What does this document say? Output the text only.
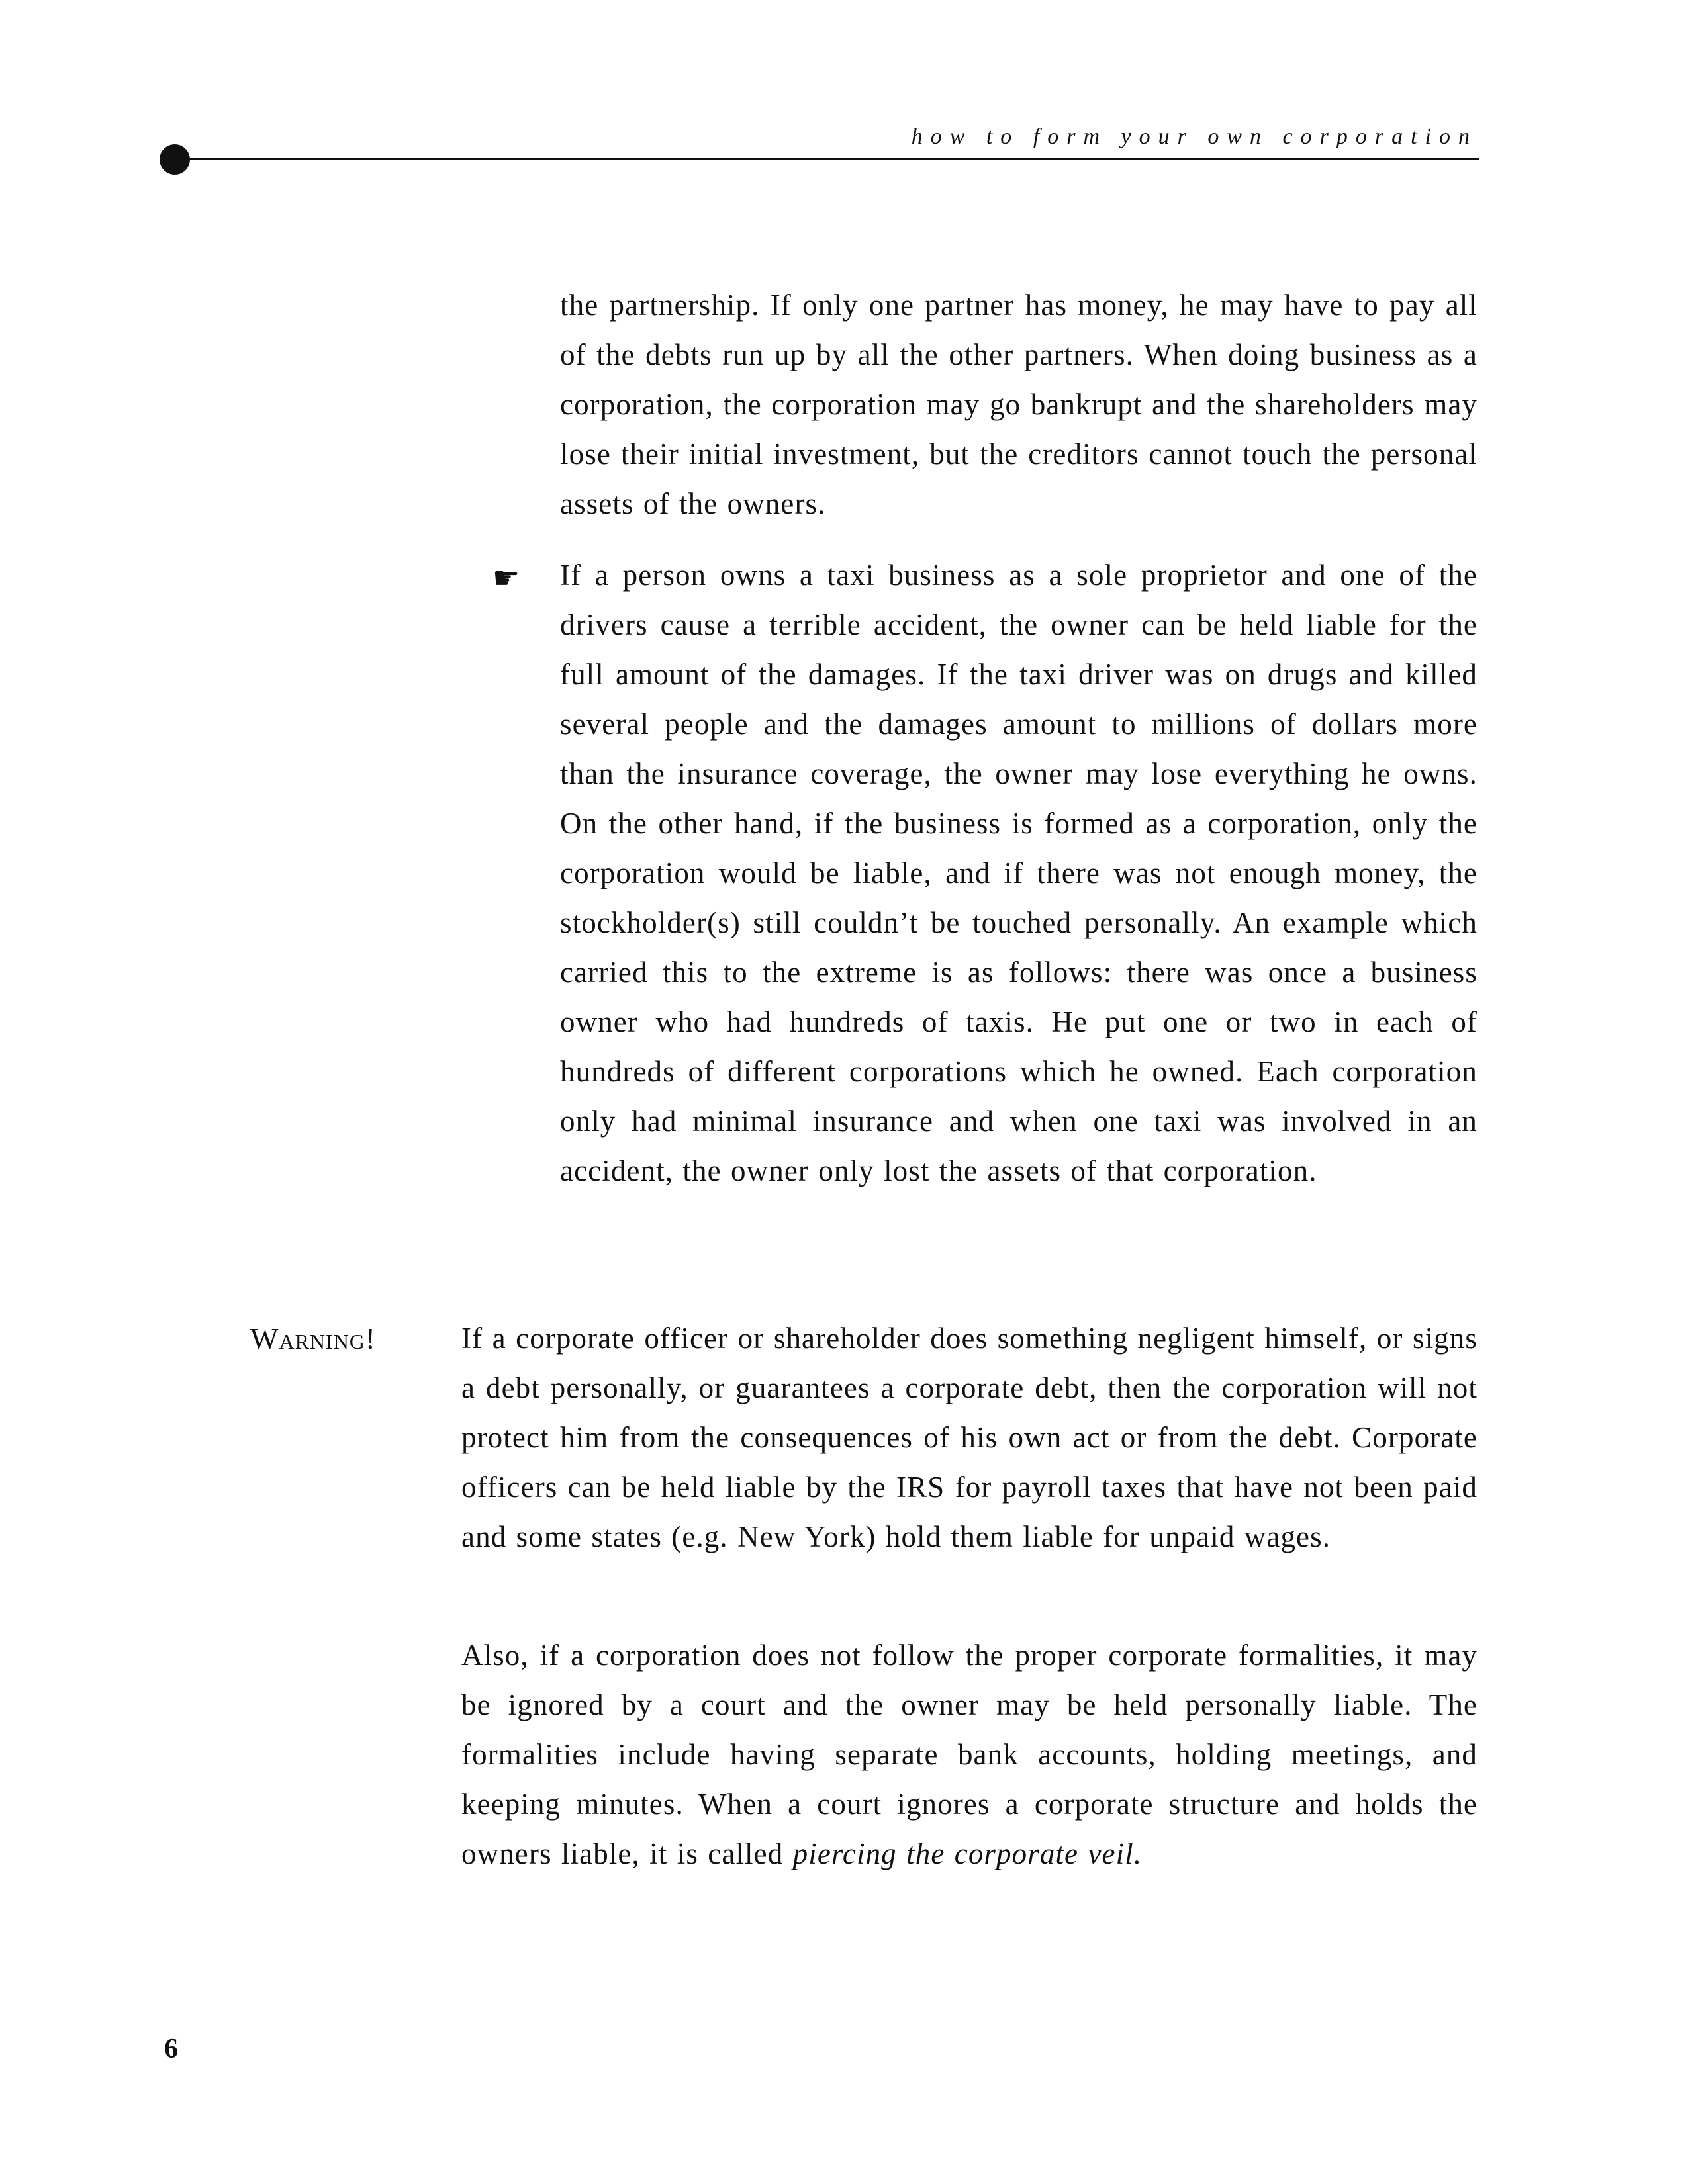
how to form your own corporation

the partnership. If only one partner has money, he may have to pay all of the debts run up by all the other partners. When doing business as a corporation, the corporation may go bankrupt and the shareholders may lose their initial investment, but the creditors cannot touch the personal assets of the owners.

☛ If a person owns a taxi business as a sole proprietor and one of the drivers cause a terrible accident, the owner can be held liable for the full amount of the damages. If the taxi driver was on drugs and killed several people and the damages amount to millions of dollars more than the insurance coverage, the owner may lose everything he owns. On the other hand, if the business is formed as a corporation, only the corporation would be liable, and if there was not enough money, the stockholder(s) still couldn’t be touched personally. An example which carried this to the extreme is as follows: there was once a business owner who had hundreds of taxis. He put one or two in each of hundreds of different corporations which he owned. Each corporation only had minimal insurance and when one taxi was involved in an accident, the owner only lost the assets of that corporation.

Warning!	If a corporate officer or shareholder does something negligent himself, or signs a debt personally, or guarantees a corporate debt, then the corporation will not protect him from the consequences of his own act or from the debt. Corporate officers can be held liable by the IRS for payroll taxes that have not been paid and some states (e.g. New York) hold them liable for unpaid wages.

Also, if a corporation does not follow the proper corporate formalities, it may be ignored by a court and the owner may be held personally liable. The formalities include having separate bank accounts, holding meetings, and keeping minutes. When a court ignores a corporate structure and holds the owners liable, it is called piercing the corporate veil.

6
